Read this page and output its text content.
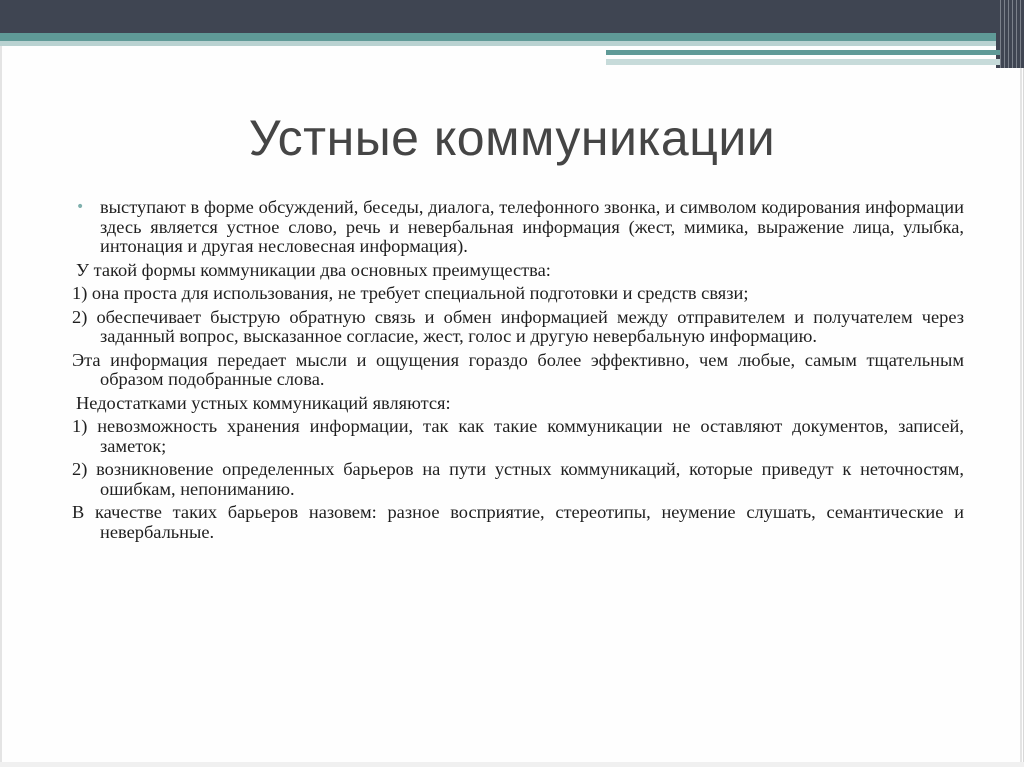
Устные коммуникации

• выступают в форме обсуждений, беседы, диалога, телефонного звонка, и символом кодирования информации здесь является устное слово, речь и невербальная информация (жест, мимика, выражение лица, улыбка, интонация и другая несловесная информация).

У такой формы коммуникации два основных преимущества:

1) она проста для использования, не требует специальной подготовки и средств связи;

2) обеспечивает быструю обратную связь и обмен информацией между отправителем и получателем через заданный вопрос, высказанное согласие, жест, голос и другую невербальную информацию.

Эта информация передает мысли и ощущения гораздо более эффективно, чем любые, самым тщательным образом подобранные слова.

Недостатками устных коммуникаций являются:

1) невозможность хранения информации, так как такие коммуникации не оставляют документов, записей, заметок;

2) возникновение определенных барьеров на пути устных коммуникаций, которые приведут к неточностям, ошибкам, непониманию.

В качестве таких барьеров назовем: разное восприятие, стереотипы, неумение слушать, семантические и невербальные.
